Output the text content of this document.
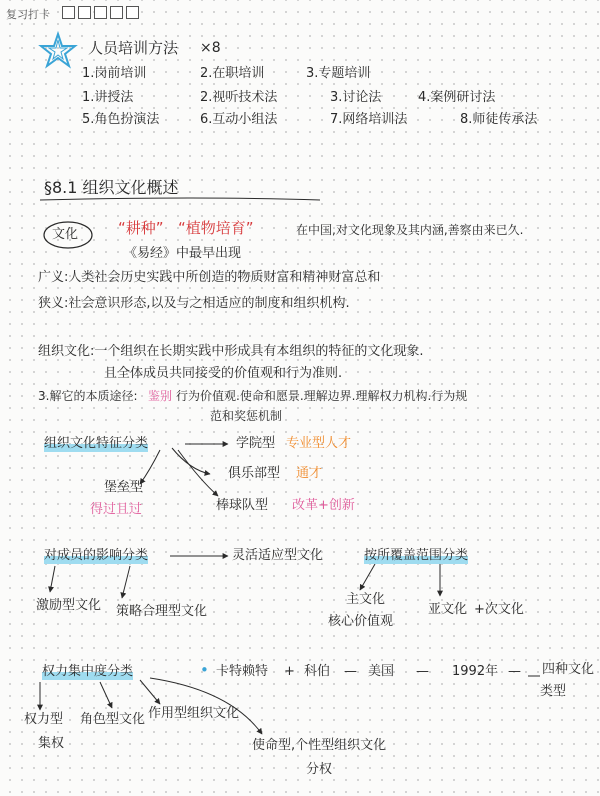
复习打卡
人员培训方法 ×8
1.岗前培训	2.在职培训	3.专题培训
1.讲授法	2.视听技术法	3.讨论法	4.案例研讨法
5.角色扮演法	6.互动小组法	7.网络培训法	8.师徒传承法
§8.1 组织文化概述
文化	“耕种” “植物培育”	在中国,对文化现象及其内涵,善察由来已久.
《易经》中最早出现
广义:人类社会历史实践中所创造的物质财富和精神财富总和
狭义:社会意识形态,以及与之相适应的制度和组织机构.
组织文化:一个组织在长期实践中形成具有本组织的特征的文化现象.
且全体成员共同接受的价值观和行为准则.
3.解它的本质途径: 鉴别 行为价值观.使命和愿景.理解边界.理解权力机构.行为规
范和奖惩机制
组织文化特征分类	学院型 专业型人才
俱乐部型 通才
堡垒型
得过且过	棒球队型 改革+创新
对成员的影响分类	灵活适应型文化
激励型文化 策略合理型文化
按所覆盖范围分类
主文化
核心价值观
亚文化 +次文化
权力集中度分类	• 卡特赖特 + 科伯 — 美国 — 1992年 — 四种文化
类型
权力型 角色型文化 作用型组织文化
集权	使命型,个性型组织文化
分权
